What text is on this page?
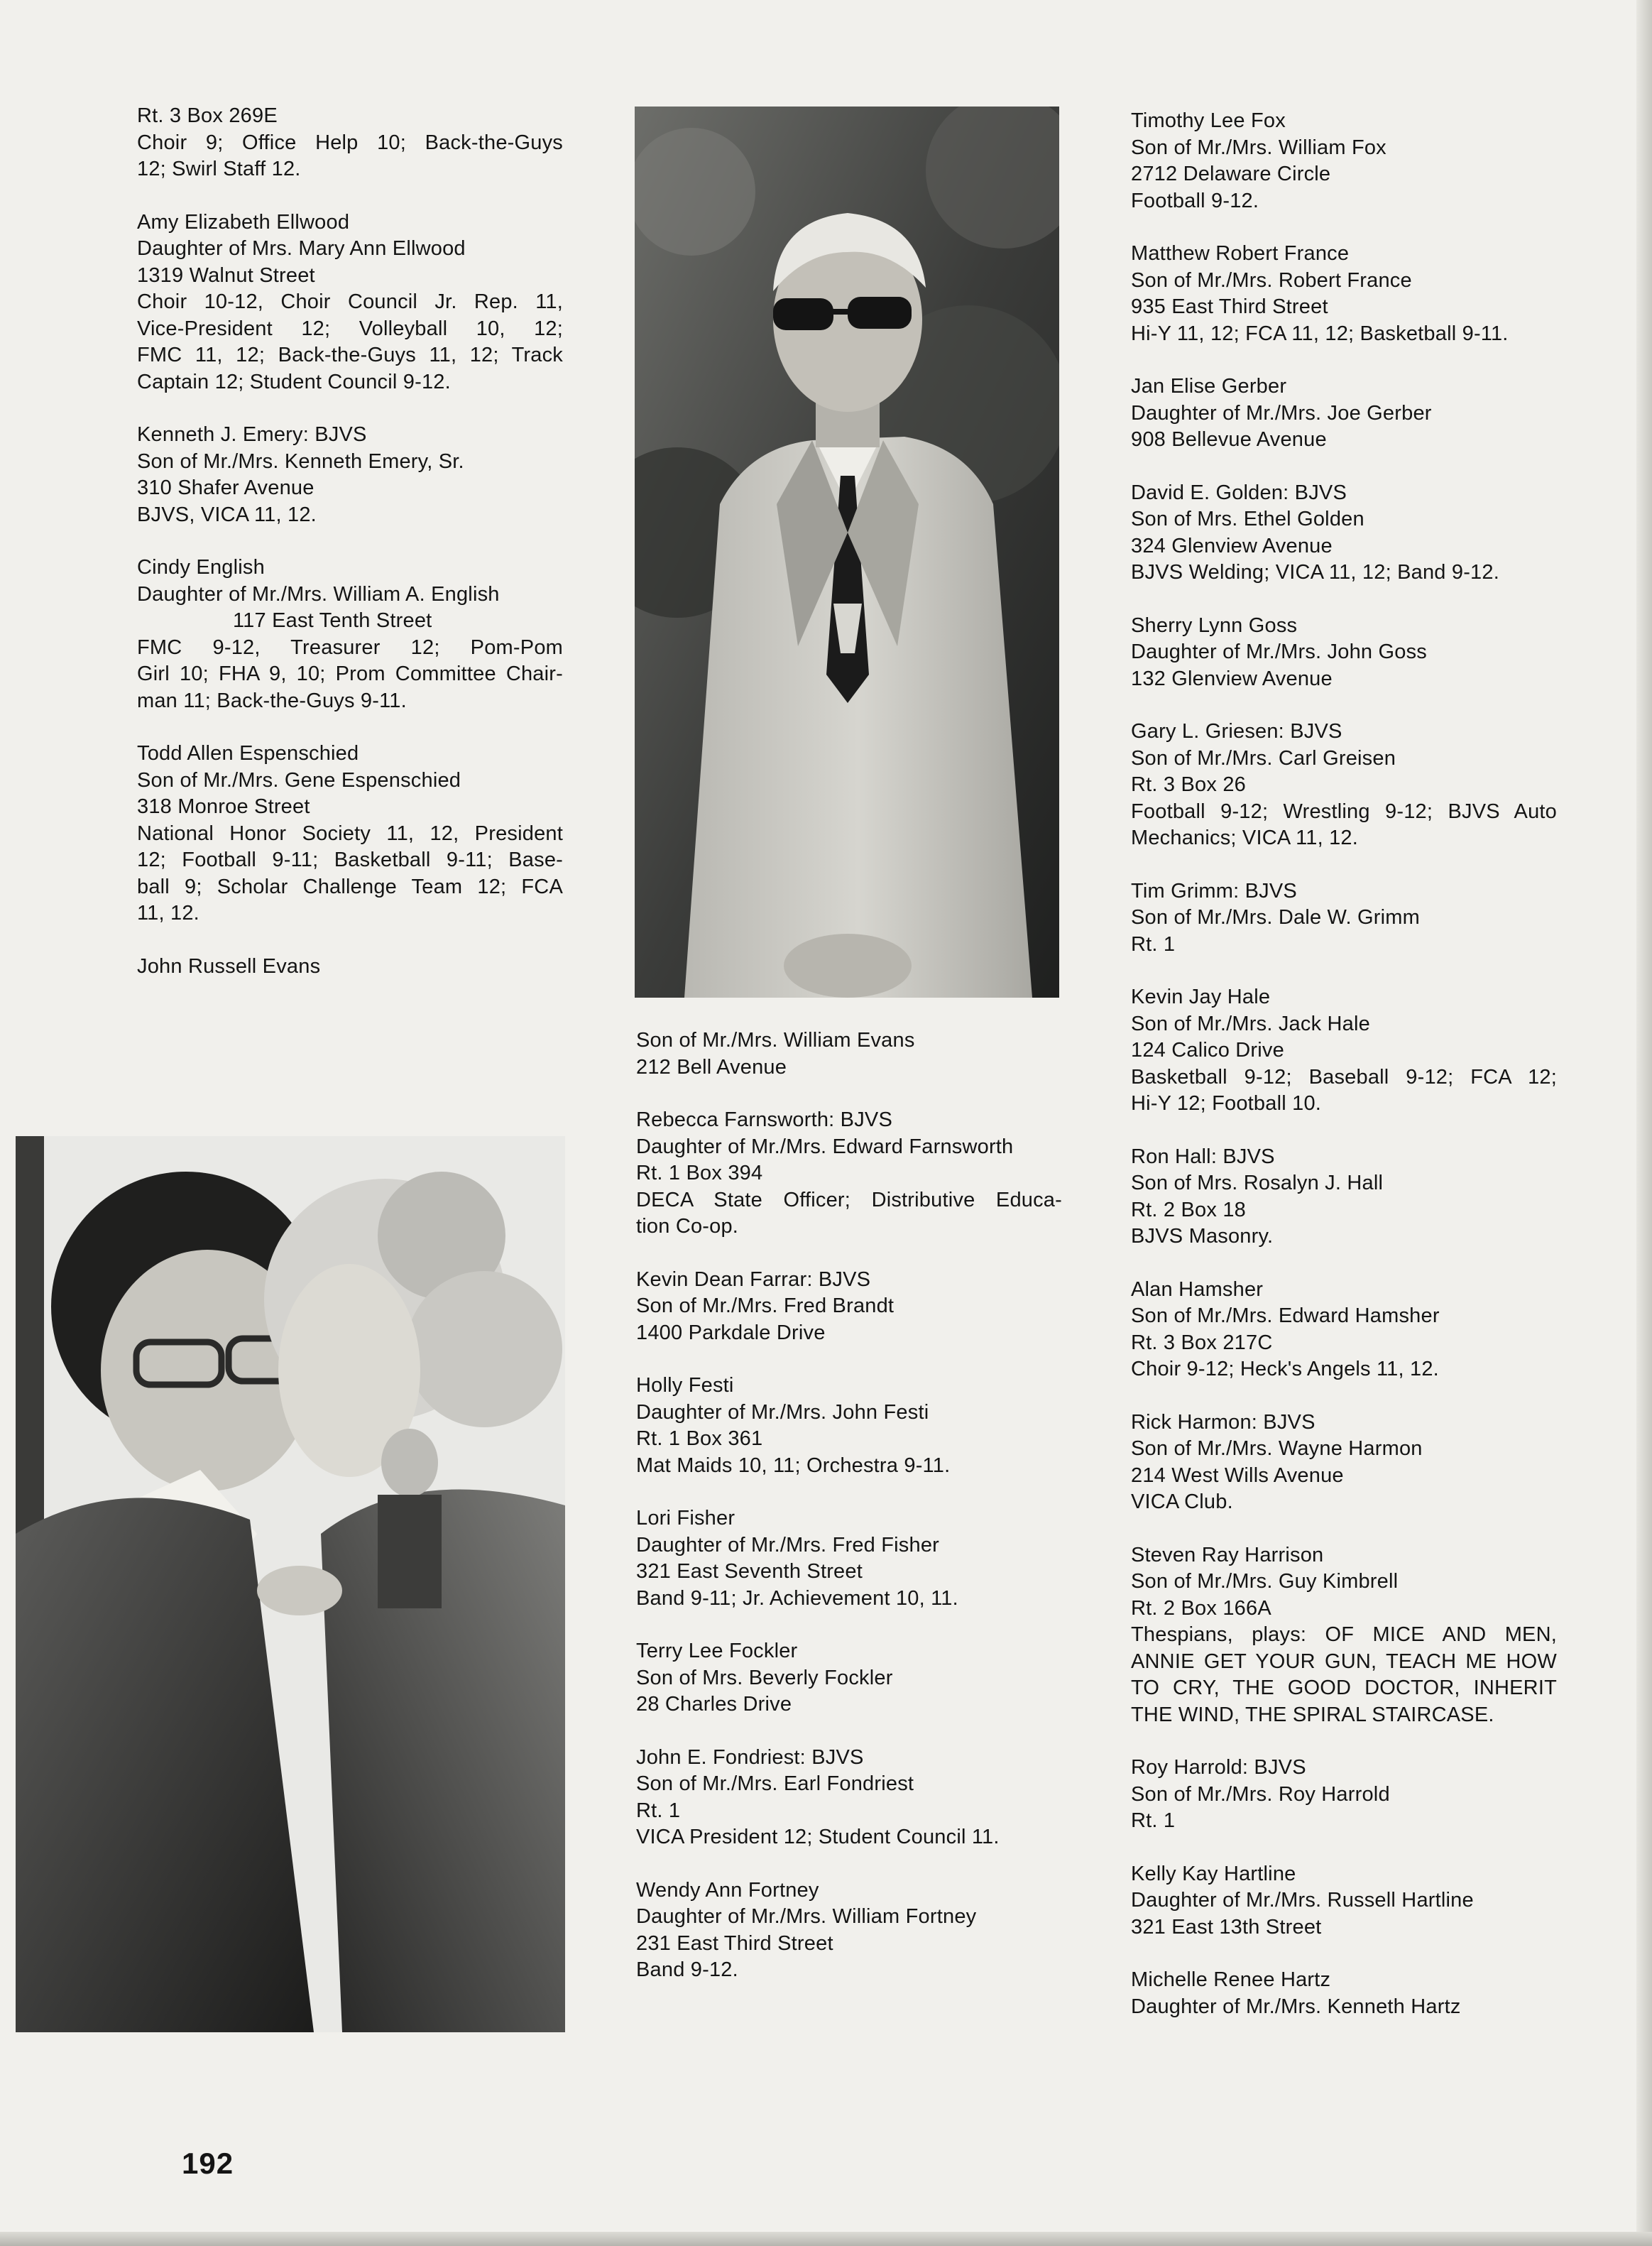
Rt. 3 Box 269E
Choir 9; Office Help 10; Back-the-Guys
12; Swirl Staff 12.
Amy Elizabeth Ellwood
Daughter of Mrs. Mary Ann Ellwood
1319 Walnut Street
Choir 10-12, Choir Council Jr. Rep. 11,
Vice-President 12; Volleyball 10, 12;
FMC 11, 12; Back-the-Guys 11, 12; Track
Captain 12; Student Council 9-12.
Kenneth J. Emery: BJVS
Son of Mr./Mrs. Kenneth Emery, Sr.
310 Shafer Avenue
BJVS, VICA 11, 12.
Cindy English
Daughter of Mr./Mrs. William A. English
117 East Tenth Street
FMC 9-12, Treasurer 12; Pom-Pom
Girl 10; FHA 9, 10; Prom Committee Chair-
man 11; Back-the-Guys 9-11.
Todd Allen Espenschied
Son of Mr./Mrs. Gene Espenschied
318 Monroe Street
National Honor Society 11, 12, President
12; Football 9-11; Basketball 9-11; Base-
ball 9; Scholar Challenge Team 12; FCA
11, 12.
John Russell Evans
Son of Mr./Mrs. William Evans
212 Bell Avenue
Rebecca Farnsworth: BJVS
Daughter of Mr./Mrs. Edward Farnsworth
Rt. 1 Box 394
DECA State Officer; Distributive Educa-
tion Co-op.
Kevin Dean Farrar: BJVS
Son of Mr./Mrs. Fred Brandt
1400 Parkdale Drive
Holly Festi
Daughter of Mr./Mrs. John Festi
Rt. 1 Box 361
Mat Maids 10, 11; Orchestra 9-11.
Lori Fisher
Daughter of Mr./Mrs. Fred Fisher
321 East Seventh Street
Band 9-11; Jr. Achievement 10, 11.
Terry Lee Fockler
Son of Mrs. Beverly Fockler
28 Charles Drive
John E. Fondriest: BJVS
Son of Mr./Mrs. Earl Fondriest
Rt. 1
VICA President 12; Student Council 11.
Wendy Ann Fortney
Daughter of Mr./Mrs. William Fortney
231 East Third Street
Band 9-12.
Timothy Lee Fox
Son of Mr./Mrs. William Fox
2712 Delaware Circle
Football 9-12.
Matthew Robert France
Son of Mr./Mrs. Robert France
935 East Third Street
Hi-Y 11, 12; FCA 11, 12; Basketball 9-11.
Jan Elise Gerber
Daughter of Mr./Mrs. Joe Gerber
908 Bellevue Avenue
David E. Golden: BJVS
Son of Mrs. Ethel Golden
324 Glenview Avenue
BJVS Welding; VICA 11, 12; Band 9-12.
Sherry Lynn Goss
Daughter of Mr./Mrs. John Goss
132 Glenview Avenue
Gary L. Griesen: BJVS
Son of Mr./Mrs. Carl Greisen
Rt. 3 Box 26
Football 9-12; Wrestling 9-12; BJVS Auto
Mechanics; VICA 11, 12.
Tim Grimm: BJVS
Son of Mr./Mrs. Dale W. Grimm
Rt. 1
Kevin Jay Hale
Son of Mr./Mrs. Jack Hale
124 Calico Drive
Basketball 9-12; Baseball 9-12; FCA 12;
Hi-Y 12; Football 10.
Ron Hall: BJVS
Son of Mrs. Rosalyn J. Hall
Rt. 2 Box 18
BJVS Masonry.
Alan Hamsher
Son of Mr./Mrs. Edward Hamsher
Rt. 3 Box 217C
Choir 9-12; Heck's Angels 11, 12.
Rick Harmon: BJVS
Son of Mr./Mrs. Wayne Harmon
214 West Wills Avenue
VICA Club.
Steven Ray Harrison
Son of Mr./Mrs. Guy Kimbrell
Rt. 2 Box 166A
Thespians, plays: OF MICE AND MEN,
ANNIE GET YOUR GUN, TEACH ME HOW
TO CRY, THE GOOD DOCTOR, INHERIT
THE WIND, THE SPIRAL STAIRCASE.
Roy Harrold: BJVS
Son of Mr./Mrs. Roy Harrold
Rt. 1
Kelly Kay Hartline
Daughter of Mr./Mrs. Russell Hartline
321 East 13th Street
Michelle Renee Hartz
Daughter of Mr./Mrs. Kenneth Hartz
192
